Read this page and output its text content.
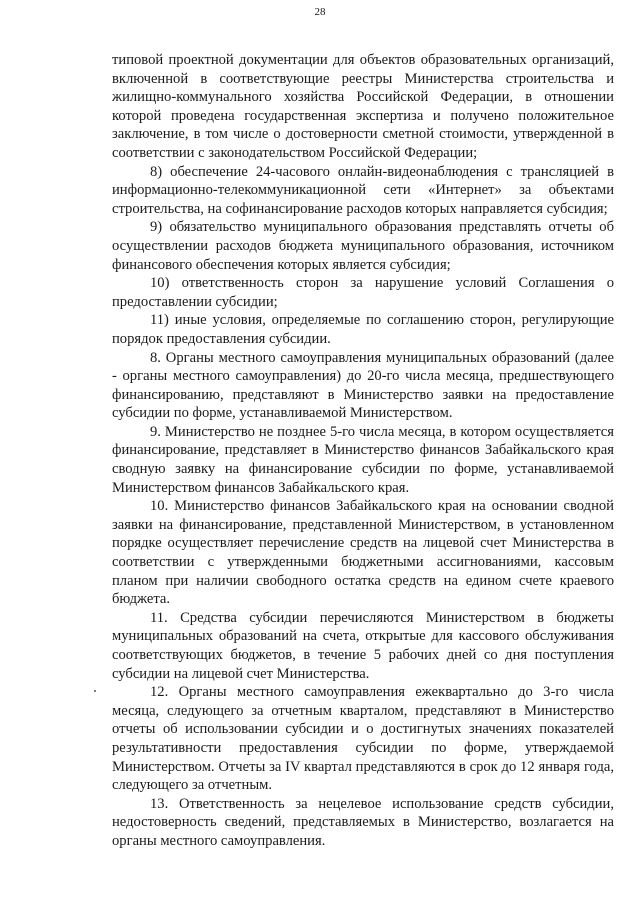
28

типовой проектной документации для объектов образовательных организаций, включенной в соответствующие реестры Министерства строительства и жилищно-коммунального хозяйства Российской Федерации, в отношении которой проведена государственная экспертиза и получено положительное заключение, в том числе о достоверности сметной стоимости, утвержденной в соответствии с законодательством Российской Федерации;

8) обеспечение 24-часового онлайн-видеонаблюдения с трансляцией в информационно-телекоммуникационной сети «Интернет» за объектами строительства, на софинансирование расходов которых направляется субсидия;

9) обязательство муниципального образования представлять отчеты об осуществлении расходов бюджета муниципального образования, источником финансового обеспечения которых является субсидия;

10) ответственность сторон за нарушение условий Соглашения о предоставлении субсидии;

11) иные условия, определяемые по соглашению сторон, регулирующие порядок предоставления субсидии.

8. Органы местного самоуправления муниципальных образований (далее - органы местного самоуправления) до 20-го числа месяца, предшествующего финансированию, представляют в Министерство заявки на предоставление субсидии по форме, устанавливаемой Министерством.

9. Министерство не позднее 5-го числа месяца, в котором осуществляется финансирование, представляет в Министерство финансов Забайкальского края сводную заявку на финансирование субсидии по форме, устанавливаемой Министерством финансов Забайкальского края.

10. Министерство финансов Забайкальского края на основании сводной заявки на финансирование, представленной Министерством, в установленном порядке осуществляет перечисление средств на лицевой счет Министерства в соответствии с утвержденными бюджетными ассигнованиями, кассовым планом при наличии свободного остатка средств на едином счете краевого бюджета.

11. Средства субсидии перечисляются Министерством в бюджеты муниципальных образований на счета, открытые для кассового обслуживания соответствующих бюджетов, в течение 5 рабочих дней со дня поступления субсидии на лицевой счет Министерства.

12. Органы местного самоуправления ежеквартально до 3-го числа месяца, следующего за отчетным кварталом, представляют в Министерство отчеты об использовании субсидии и о достигнутых значениях показателей результативности предоставления субсидии по форме, утверждаемой Министерством. Отчеты за IV квартал представляются в срок до 12 января года, следующего за отчетным.

13. Ответственность за нецелевое использование средств субсидии, недостоверность сведений, представляемых в Министерство, возлагается на органы местного самоуправления.
